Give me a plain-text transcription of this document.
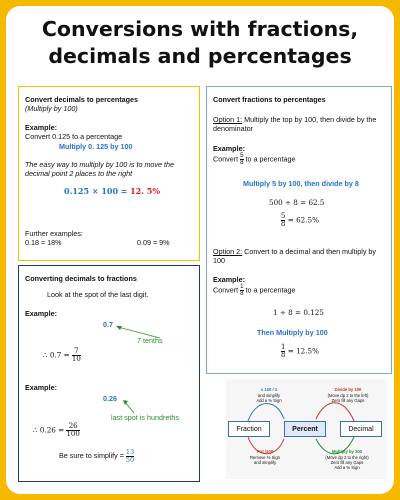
Conversions with fractions, decimals and percentages
Convert decimals to percentages
(Multiply by 100)
Example:
Convert 0.125 to a percentage
Multiply 0. 125 by 100
The easy way to multiply by 100 is to move the decimal point 2 places to the right
0.125 × 100 = 12. 5%
Further examples:
0.18 = 18%	0.09 = 9%
Convert fractions to percentages
Option 1: Multiply the top by 100, then divide by the denominator
Example:
Convert $\frac{5}{8}$ to a percentage
Multiply 5 by 100, then divide by 8
500 ÷ 8 = 62.5
$\frac{5}{8} = 62.5\%$
Option 2: Convert to a decimal and then multiply by 100
Example:
Convert $\frac{1}{8}$ to a percentage
1 ÷ 8 = 0.125
Then Multiply by 100
$\frac{1}{8} = 12.5\%$
Converting decimals to fractions
Look at the spot of the last digit.
Example:
0.7
7 tenths
∴ $0.7 = \frac{7}{10}$
Example:
0.26
last spot is hundreths
∴ $0.26 = \frac{26}{100}$
Be sure to simplify = $\frac{13}{50}$
x 100 / 1
and simplify
Add a % Sign
Divide by 100
(Move dp 2 to the left)
Zero fill any Gaps
Fraction	Percent	Decimal
Put /100
Remove % Sign
and simplify
Multiply by 100
(Move dp 2 to the right)
Zero fill any Gaps
Add a % Sign
